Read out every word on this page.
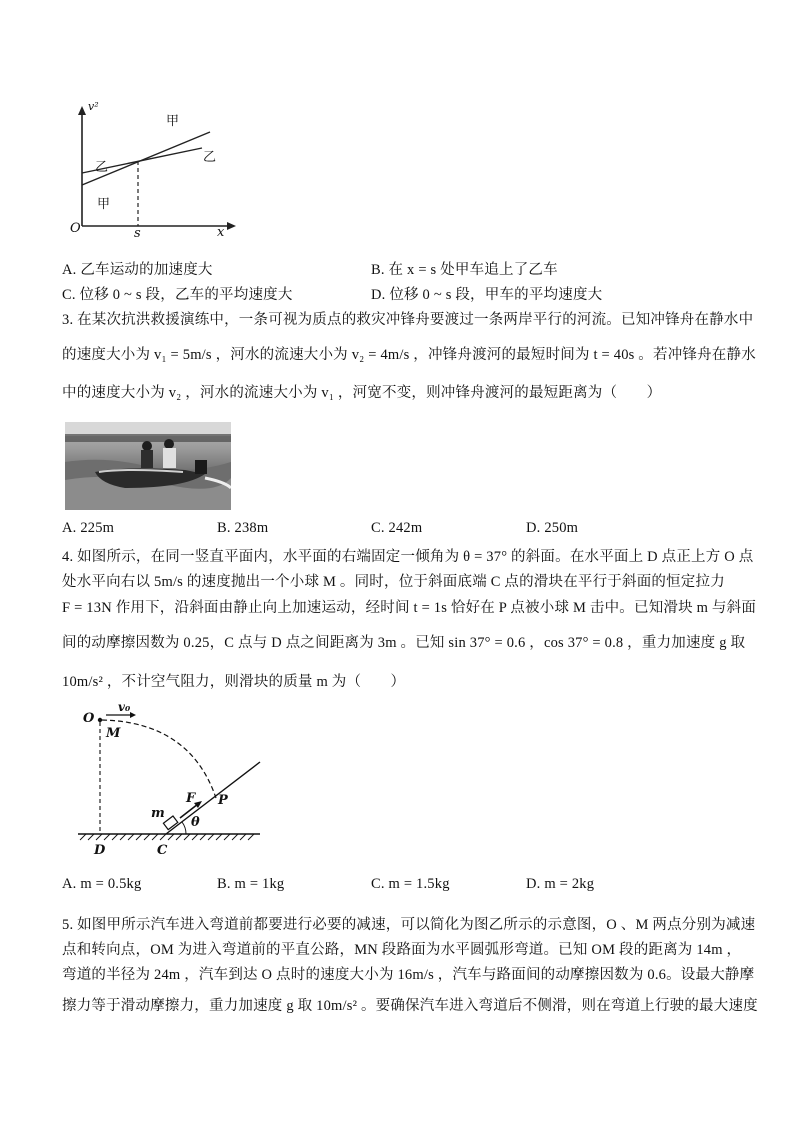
v²
x
O	s
甲
乙
乙
甲
A. 乙车运动的加速度大	B. 在 x = s 处甲车追上了乙车
C. 位移 0 ~ s 段，乙车的平均速度大	D. 位移 0 ~ s 段，甲车的平均速度大
3. 在某次抗洪救援演练中，一条可视为质点的救灾冲锋舟要渡过一条两岸平行的河流。已知冲锋舟在静水中
的速度大小为 v₁ = 5m/s ，河水的流速大小为 v₂ = 4m/s ，冲锋舟渡河的最短时间为 t = 40s 。若冲锋舟在静水
中的速度大小为 v₂ ，河水的流速大小为 v₁ ，河宽不变，则冲锋舟渡河的最短距离为（　　）
A. 225m	B. 238m	C. 242m	D. 250m
4. 如图所示，在同一竖直平面内，水平面的右端固定一倾角为 θ = 37° 的斜面。在水平面上 D 点正上方 O 点
处水平向右以 5m/s 的速度抛出一个小球 M 。同时，位于斜面底端 C 点的滑块在平行于斜面的恒定拉力
F = 13N 作用下，沿斜面由静止向上加速运动，经时间 t = 1s 恰好在 P 点被小球 M 击中。已知滑块 m 与斜面
间的动摩擦因数为 0.25，C 点与 D 点之间距离为 3m 。已知 sin 37° = 0.6 ，cos 37° = 0.8 ，重力加速度 g 取
10m/s² ，不计空气阻力，则滑块的质量 m 为（　　）
O
v₀
M
F P
m
θ
D	C
A. m = 0.5kg	B. m = 1kg	C. m = 1.5kg	D. m = 2kg
5. 如图甲所示汽车进入弯道前都要进行必要的减速，可以简化为图乙所示的示意图，O 、M 两点分别为减速
点和转向点，OM 为进入弯道前的平直公路，MN 段路面为水平圆弧形弯道。已知 OM 段的距离为 14m ，
弯道的半径为 24m ，汽车到达 O 点时的速度大小为 16m/s ，汽车与路面间的动摩擦因数为 0.6。设最大静摩
擦力等于滑动摩擦力，重力加速度 g 取 10m/s² 。要确保汽车进入弯道后不侧滑，则在弯道上行驶的最大速度
